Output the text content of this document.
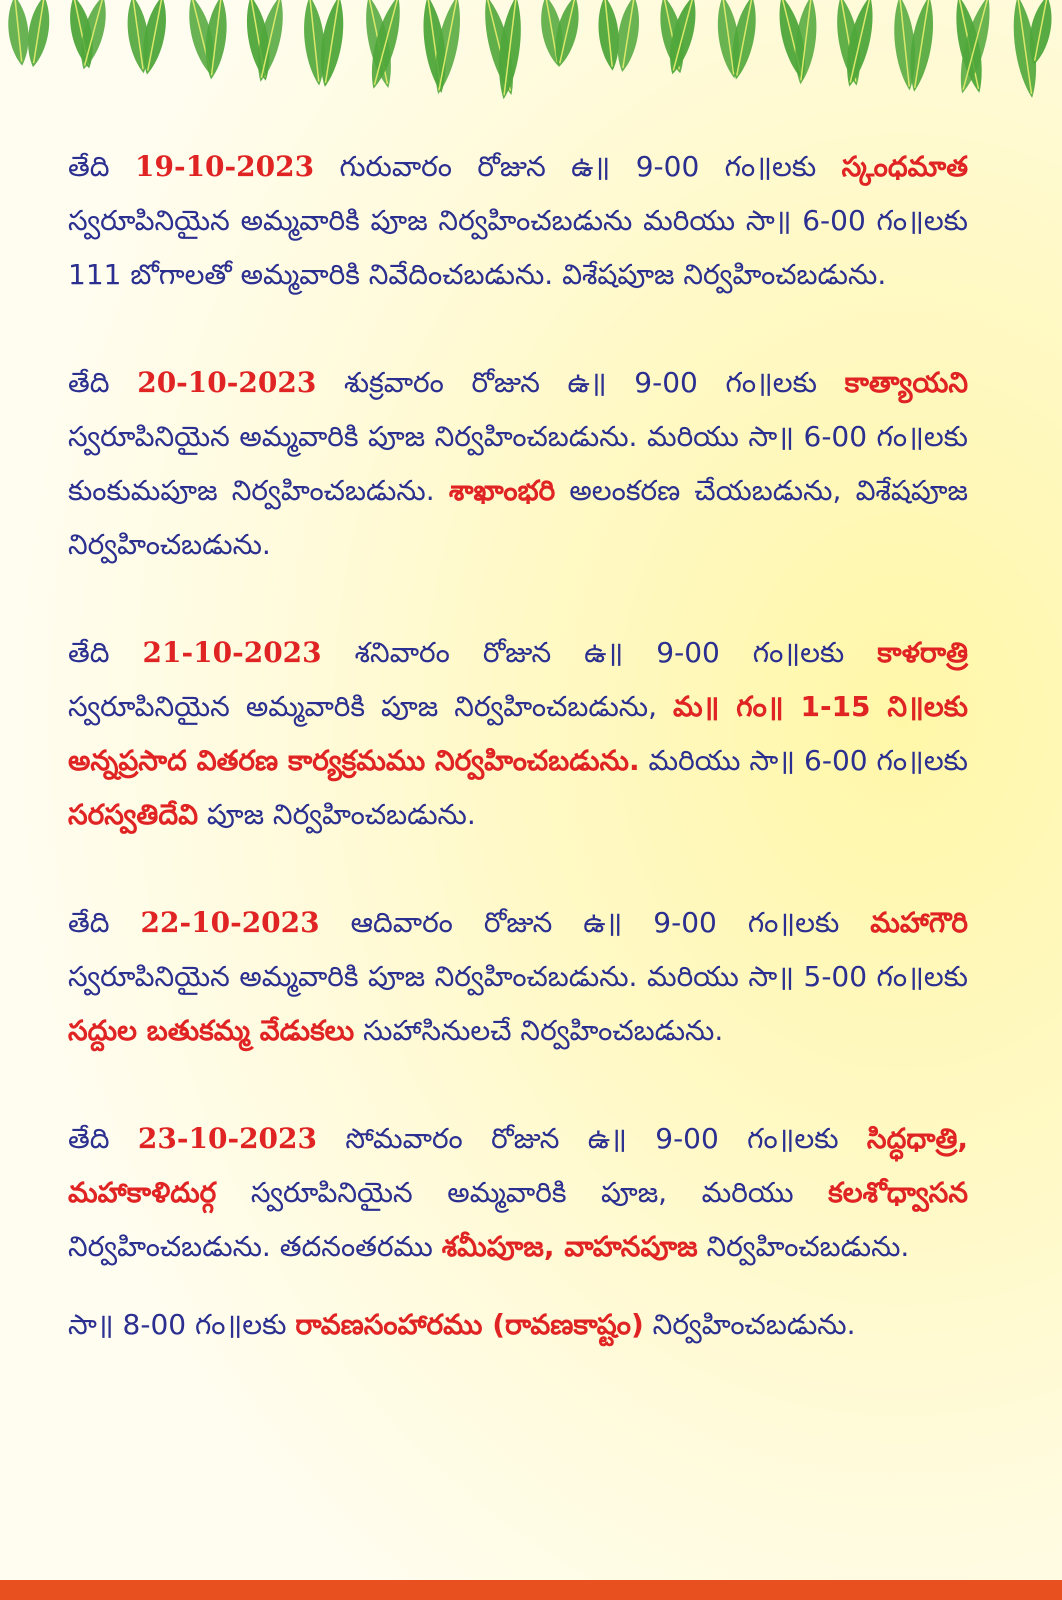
తేది 19-10-2023 గురువారం రోజున ఉ॥ 9-00 గం॥లకు స్కంధమాత స్వరూపినియైన అమ్మవారికి పూజ నిర్వహించబడును మరియు సా॥ 6-00 గం॥లకు 111 బోగాలతో అమ్మవారికి నివేదించబడును. విశేషపూజ నిర్వహించబడును.

తేది 20-10-2023 శుక్రవారం రోజున ఉ॥ 9-00 గం॥లకు కాత్యాయని స్వరూపినియైన అమ్మవారికి పూజ నిర్వహించబడును. మరియు సా॥ 6-00 గం॥లకు కుంకుమపూజ నిర్వహించబడును. శాఖాంభరి అలంకరణ చేయబడును, విశేషపూజ నిర్వహించబడును.

తేది 21-10-2023 శనివారం రోజున ఉ॥ 9-00 గం॥లకు కాళరాత్రి స్వరూపినియైన అమ్మవారికి పూజ నిర్వహించబడును, మ॥ గం॥ 1-15 ని॥లకు అన్నప్రసాద వితరణ కార్యక్రమము నిర్వహించబడును. మరియు సా॥ 6-00 గం॥లకు సరస్వతిదేవి పూజ నిర్వహించబడును.

తేది 22-10-2023 ఆదివారం రోజున ఉ॥ 9-00 గం॥లకు మహాగౌరి స్వరూపినియైన అమ్మవారికి పూజ నిర్వహించబడును. మరియు సా॥ 5-00 గం॥లకు సద్దుల బతుకమ్మ వేడుకలు సుహాసినులచే నిర్వహించబడును.

తేది 23-10-2023 సోమవారం రోజున ఉ॥ 9-00 గం॥లకు సిద్ధధాత్రి, మహాకాళిదుర్గ స్వరూపినియైన అమ్మవారికి పూజ, మరియు కలశోధ్వాసన నిర్వహించబడును. తదనంతరము శమీపూజ, వాహనపూజ నిర్వహించబడును.

సా॥ 8-00 గం॥లకు రావణసంహారము (రావణకాష్టం) నిర్వహించబడును.
